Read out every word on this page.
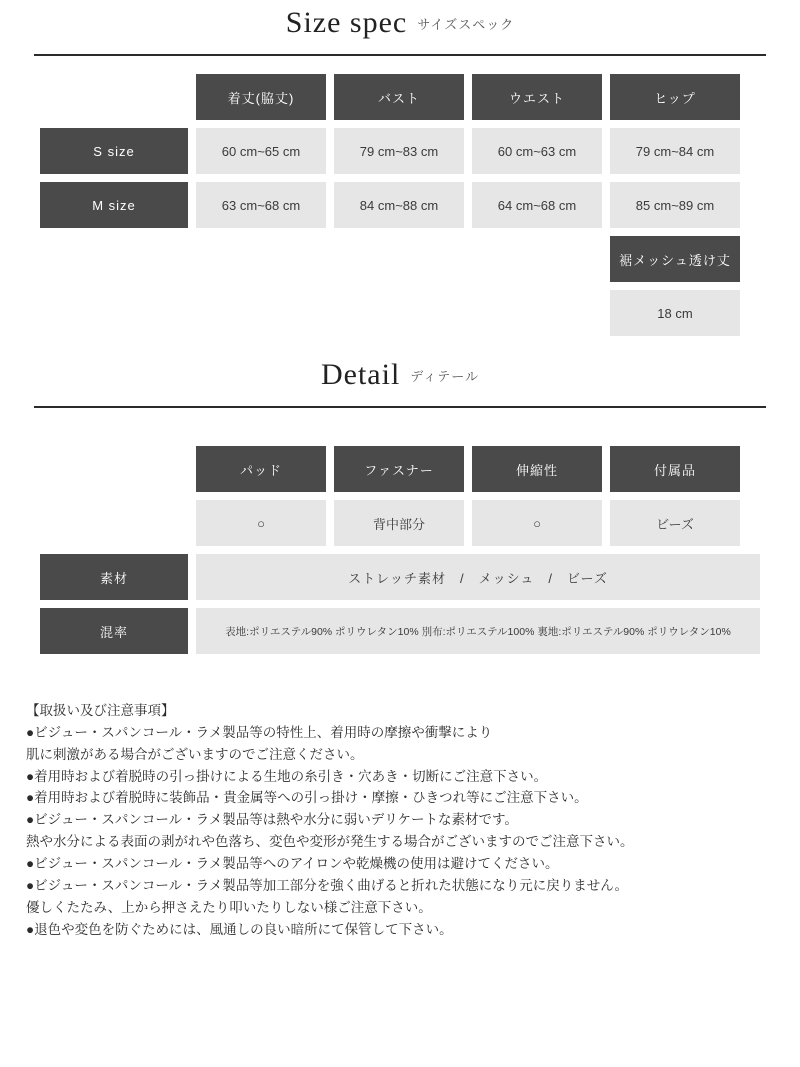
Size spec サイズスペック
着丈(脇丈)	バスト	ウエスト	ヒップ
S size	60 cm~65 cm	79 cm~83 cm	60 cm~63 cm	79 cm~84 cm
M size	63 cm~68 cm	84 cm~88 cm	64 cm~68 cm	85 cm~89 cm
裾メッシュ透け丈
18 cm
Detail ディテール
パッド	ファスナー	伸縮性	付属品
○	背中部分	○	ビーズ
素材	ストレッチ素材　/　メッシュ　/　ビーズ
混率	表地:ポリエステル90% ポリウレタン10% 別布:ポリエステル100% 裏地:ポリエステル90% ポリウレタン10%
【取扱い及び注意事項】
●ビジュー・スパンコール・ラメ製品等の特性上、着用時の摩擦や衝撃により
肌に刺激がある場合がございますのでご注意ください。
●着用時および着脱時の引っ掛けによる生地の糸引き・穴あき・切断にご注意下さい。
●着用時および着脱時に装飾品・貴金属等への引っ掛け・摩擦・ひきつれ等にご注意下さい。
●ビジュー・スパンコール・ラメ製品等は熱や水分に弱いデリケートな素材です。
熱や水分による表面の剥がれや色落ち、変色や変形が発生する場合がございますのでご注意下さい。
●ビジュー・スパンコール・ラメ製品等へのアイロンや乾燥機の使用は避けてください。
●ビジュー・スパンコール・ラメ製品等加工部分を強く曲げると折れた状態になり元に戻りません。
優しくたたみ、上から押さえたり叩いたりしない様ご注意下さい。
●退色や変色を防ぐためには、風通しの良い暗所にて保管して下さい。
